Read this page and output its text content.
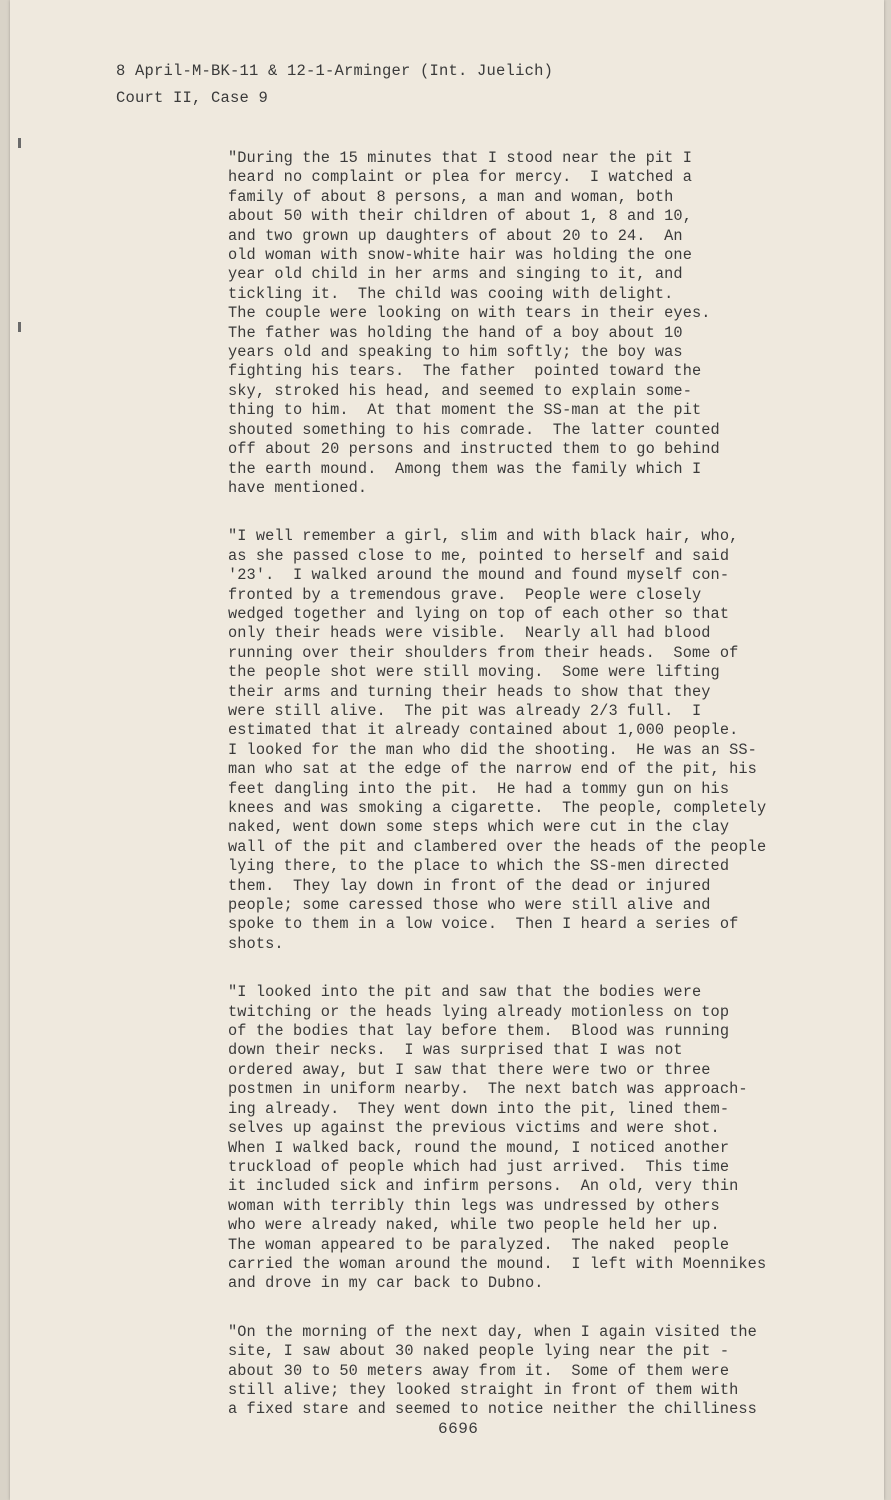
8 April-M-BK-11 & 12-1-Arminger (Int. Juelich)
Court II, Case 9
"During the 15 minutes that I stood near the pit I
heard no complaint or plea for mercy.  I watched a
family of about 8 persons, a man and woman, both
about 50 with their children of about 1, 8 and 10,
and two grown up daughters of about 20 to 24.  An
old woman with snow-white hair was holding the one
year old child in her arms and singing to it, and
tickling it.  The child was cooing with delight.
The couple were looking on with tears in their eyes.
The father was holding the hand of a boy about 10
years old and speaking to him softly; the boy was
fighting his tears.  The father  pointed toward the
sky, stroked his head, and seemed to explain some-
thing to him.  At that moment the SS-man at the pit
shouted something to his comrade.  The latter counted
off about 20 persons and instructed them to go behind
the earth mound.  Among them was the family which I
have mentioned.
"I well remember a girl, slim and with black hair, who,
as she passed close to me, pointed to herself and said
'23'.  I walked around the mound and found myself con-
fronted by a tremendous grave.  People were closely
wedged together and lying on top of each other so that
only their heads were visible.  Nearly all had blood
running over their shoulders from their heads.  Some of
the people shot were still moving.  Some were lifting
their arms and turning their heads to show that they
were still alive.  The pit was already 2/3 full.  I
estimated that it already contained about 1,000 people.
I looked for the man who did the shooting.  He was an SS-
man who sat at the edge of the narrow end of the pit, his
feet dangling into the pit.  He had a tommy gun on his
knees and was smoking a cigarette.  The people, completely
naked, went down some steps which were cut in the clay
wall of the pit and clambered over the heads of the people
lying there, to the place to which the SS-men directed
them.  They lay down in front of the dead or injured
people; some caressed those who were still alive and
spoke to them in a low voice.  Then I heard a series of
shots.
"I looked into the pit and saw that the bodies were
twitching or the heads lying already motionless on top
of the bodies that lay before them.  Blood was running
down their necks.  I was surprised that I was not
ordered away, but I saw that there were two or three
postmen in uniform nearby.  The next batch was approach-
ing already.  They went down into the pit, lined them-
selves up against the previous victims and were shot.
When I walked back, round the mound, I noticed another
truckload of people which had just arrived.  This time
it included sick and infirm persons.  An old, very thin
woman with terribly thin legs was undressed by others
who were already naked, while two people held her up.
The woman appeared to be paralyzed.  The naked  people
carried the woman around the mound.  I left with Moennikes
and drove in my car back to Dubno.
"On the morning of the next day, when I again visited the
site, I saw about 30 naked people lying near the pit -
about 30 to 50 meters away from it.  Some of them were
still alive; they looked straight in front of them with
a fixed stare and seemed to notice neither the chilliness
6696
